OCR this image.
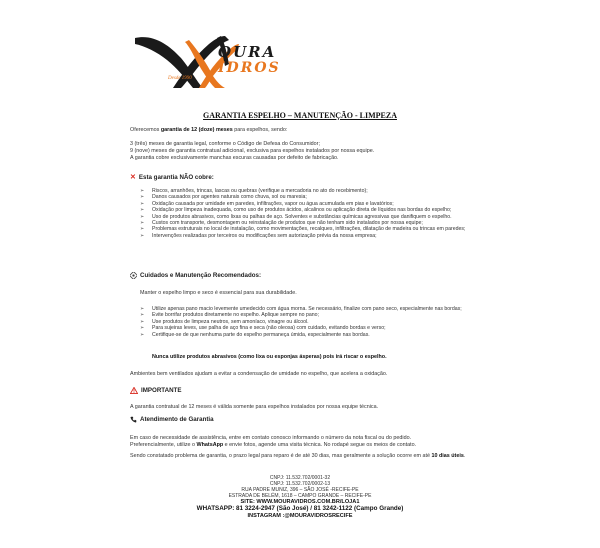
OURA
IDROS
Desde 1990
GARANTIA ESPELHO – MANUTENÇÃO - LIMPEZA
Oferecemos garantia de 12 (doze) meses para espelhos, sendo:
3 (três) meses de garantia legal, conforme o Código de Defesa do Consumidor;
9 (nove) meses de garantia contratual adicional, exclusiva para espelhos instalados por nossa equipe.
A garantia cobre exclusivamente manchas escuras causadas por defeito de fabricação.
✕ Esta garantia NÃO cobre:
➢ Riscos, arranhões, trincas, lascas ou quebras (verifique a mercadoria no ato do recebimento);
➢ Danos causados por agentes naturais como chuva, sol ou maresia;
➢ Oxidação causada por umidade em paredes, infiltrações, vapor ou água acumulada em pias e lavatórios;
➢ Oxidação por limpeza inadequada, como uso de produtos ácidos, alcalinos ou aplicação direta de líquidos nas bordas do espelho;
➢ Uso de produtos abrasivos, como lixas ou palhas de aço. Solventes e substâncias químicas agressivas que danifiquem o espelho.
➢ Custos com transporte, desmontagem ou reinstalação de produtos que não tenham sido instalados por nossa equipe;
➢ Problemas estruturais no local de instalação, como movimentações, recalques, infiltrações, dilatação de madeira ou trincas em paredes;
➢ Intervenções realizadas por terceiros ou modificações sem autorização prévia da nossa empresa;
Cuidados e Manutenção Recomendados:
Manter o espelho limpo e seco é essencial para sua durabilidade.
➢ Utilize apenas pano macio levemente umedecido com água morna. Se necessário, finalize com pano seco, especialmente nas bordas;
➢ Evite borrifar produtos diretamente no espelho. Aplique sempre no pano;
➢ Use produtos de limpeza neutros, sem amoníaco, vinagre ou álcool.
➢ Para sujeiras leves, use palha de aço fina e seca (não oleosa) com cuidado, evitando bordas e verso;
➢ Certifique-se de que nenhuma parte do espelho permaneça úmida, especialmente nas bordas.
Nunca utilize produtos abrasivos (como lixa ou esponjas ásperas) pois irá riscar o espelho.
Ambientes bem ventilados ajudam a evitar a condensação de umidade no espelho, que acelera a oxidação.
IMPORTANTE
A garantia contratual de 12 meses é válida somente para espelhos instalados por nossa equipe técnica.
Atendimento de Garantia
Em caso de necessidade de assistência, entre em contato conosco informando o número da nota fiscal ou do pedido.
Preferencialmente, utilize o WhatsApp e envie fotos, agende uma visita técnica. No rodapé segue os meios de contato.
Sendo constatado problema de garantia, o prazo legal para reparo é de até 30 dias, mas geralmente a solução ocorre em até 10 dias úteis.
CNPJ: 11.532.702/0001-32
CNPJ: 11.532.702/0002-13
RUA PADRE MUNIZ, 396 – SÃO JOSÉ -RECIFE-PE
ESTRADA DE BELÉM, 1618 – CAMPO GRANDE – RECIFE-PE
SITE: WWW.MOURAVIDROS.COM.BR/LOJA1
WHATSAPP: 81 3224-2947 (São José) / 81 3242-1122 (Campo Grande)
INSTAGRAM :@MOURAVIDROSRECIFE
